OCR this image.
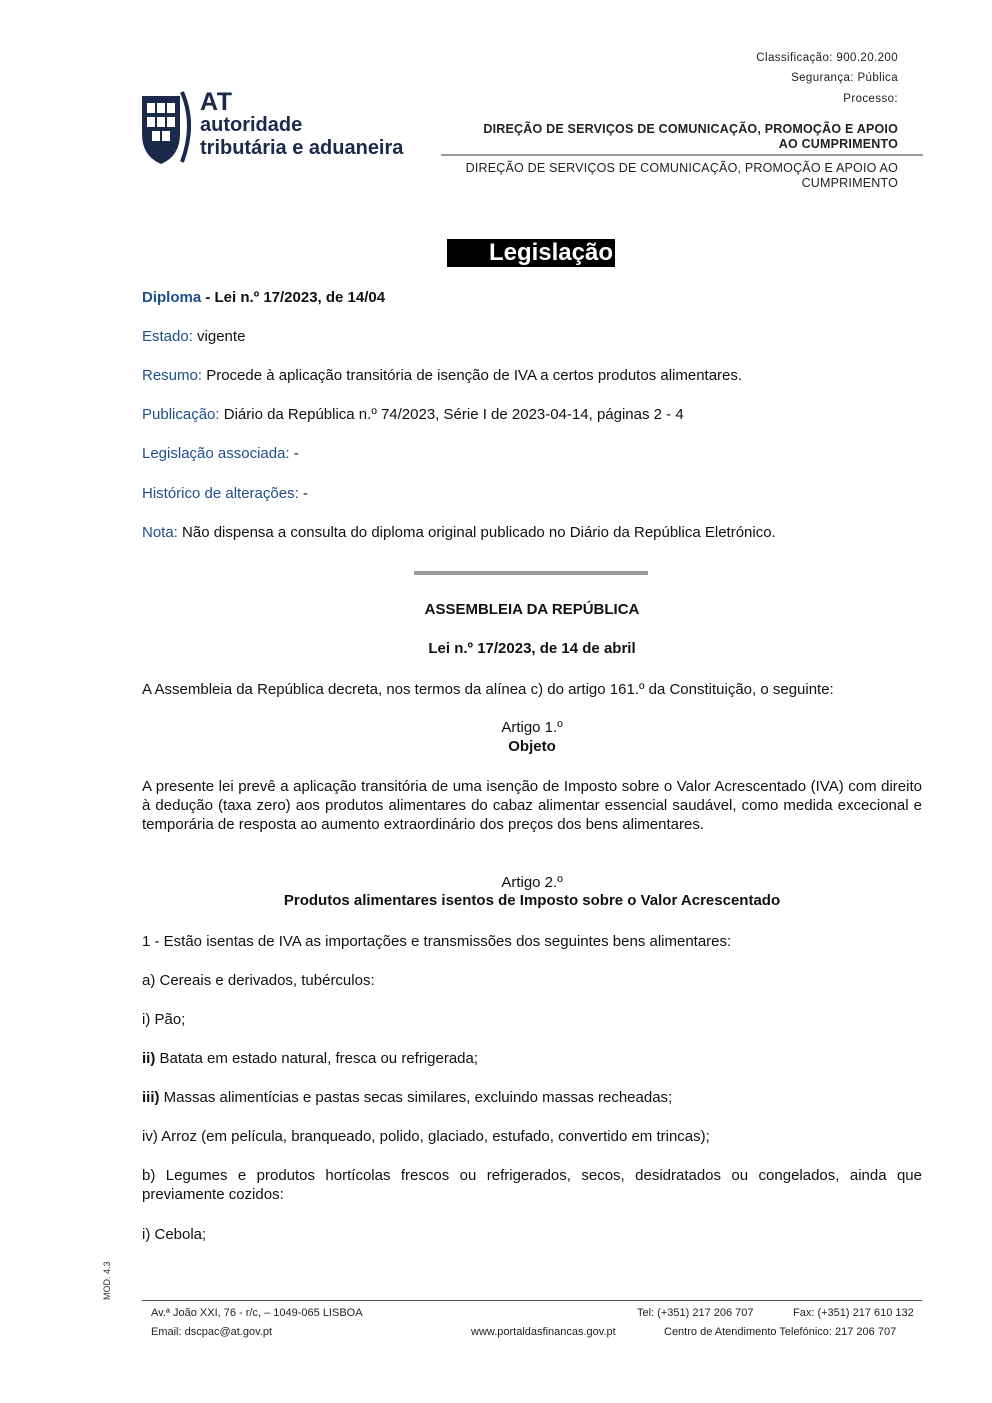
Classificação: 900.20.200
Segurança: Pública
Processo:
AT
autoridade
tributária e aduaneira
DIREÇÃO DE SERVIÇOS DE COMUNICAÇÃO, PROMOÇÃO E APOIO AO CUMPRIMENTO
DIREÇÃO DE SERVIÇOS DE COMUNICAÇÃO, PROMOÇÃO E APOIO AO CUMPRIMENTO
Legislação
Diploma - Lei n.º 17/2023, de 14/04
Estado: vigente
Resumo: Procede à aplicação transitória de isenção de IVA a certos produtos alimentares.
Publicação: Diário da República n.º 74/2023, Série I de 2023-04-14, páginas 2 - 4
Legislação associada: -
Histórico de alterações: -
Nota: Não dispensa a consulta do diploma original publicado no Diário da República Eletrónico.
ASSEMBLEIA DA REPÚBLICA
Lei n.º 17/2023, de 14 de abril
A Assembleia da República decreta, nos termos da alínea c) do artigo 161.º da Constituição, o seguinte:
Artigo 1.º
Objeto
A presente lei prevê a aplicação transitória de uma isenção de Imposto sobre o Valor Acrescentado (IVA) com direito à dedução (taxa zero) aos produtos alimentares do cabaz alimentar essencial saudável, como medida excecional e temporária de resposta ao aumento extraordinário dos preços dos bens alimentares.
Artigo 2.º
Produtos alimentares isentos de Imposto sobre o Valor Acrescentado
1 - Estão isentas de IVA as importações e transmissões dos seguintes bens alimentares:
a) Cereais e derivados, tubérculos:
i) Pão;
ii) Batata em estado natural, fresca ou refrigerada;
iii) Massas alimentícias e pastas secas similares, excluindo massas recheadas;
iv) Arroz (em película, branqueado, polido, glaciado, estufado, convertido em trincas);
b) Legumes e produtos hortícolas frescos ou refrigerados, secos, desidratados ou congelados, ainda que previamente cozidos:
i) Cebola;
MOD. 4.3
Av.ª João XXI, 76 - r/c, – 1049-065 LISBOA	Tel: (+351) 217 206 707	Fax: (+351) 217 610 132
Email: dscpac@at.gov.pt	www.portaldasfinancas.gov.pt	Centro de Atendimento Telefónico: 217 206 707
